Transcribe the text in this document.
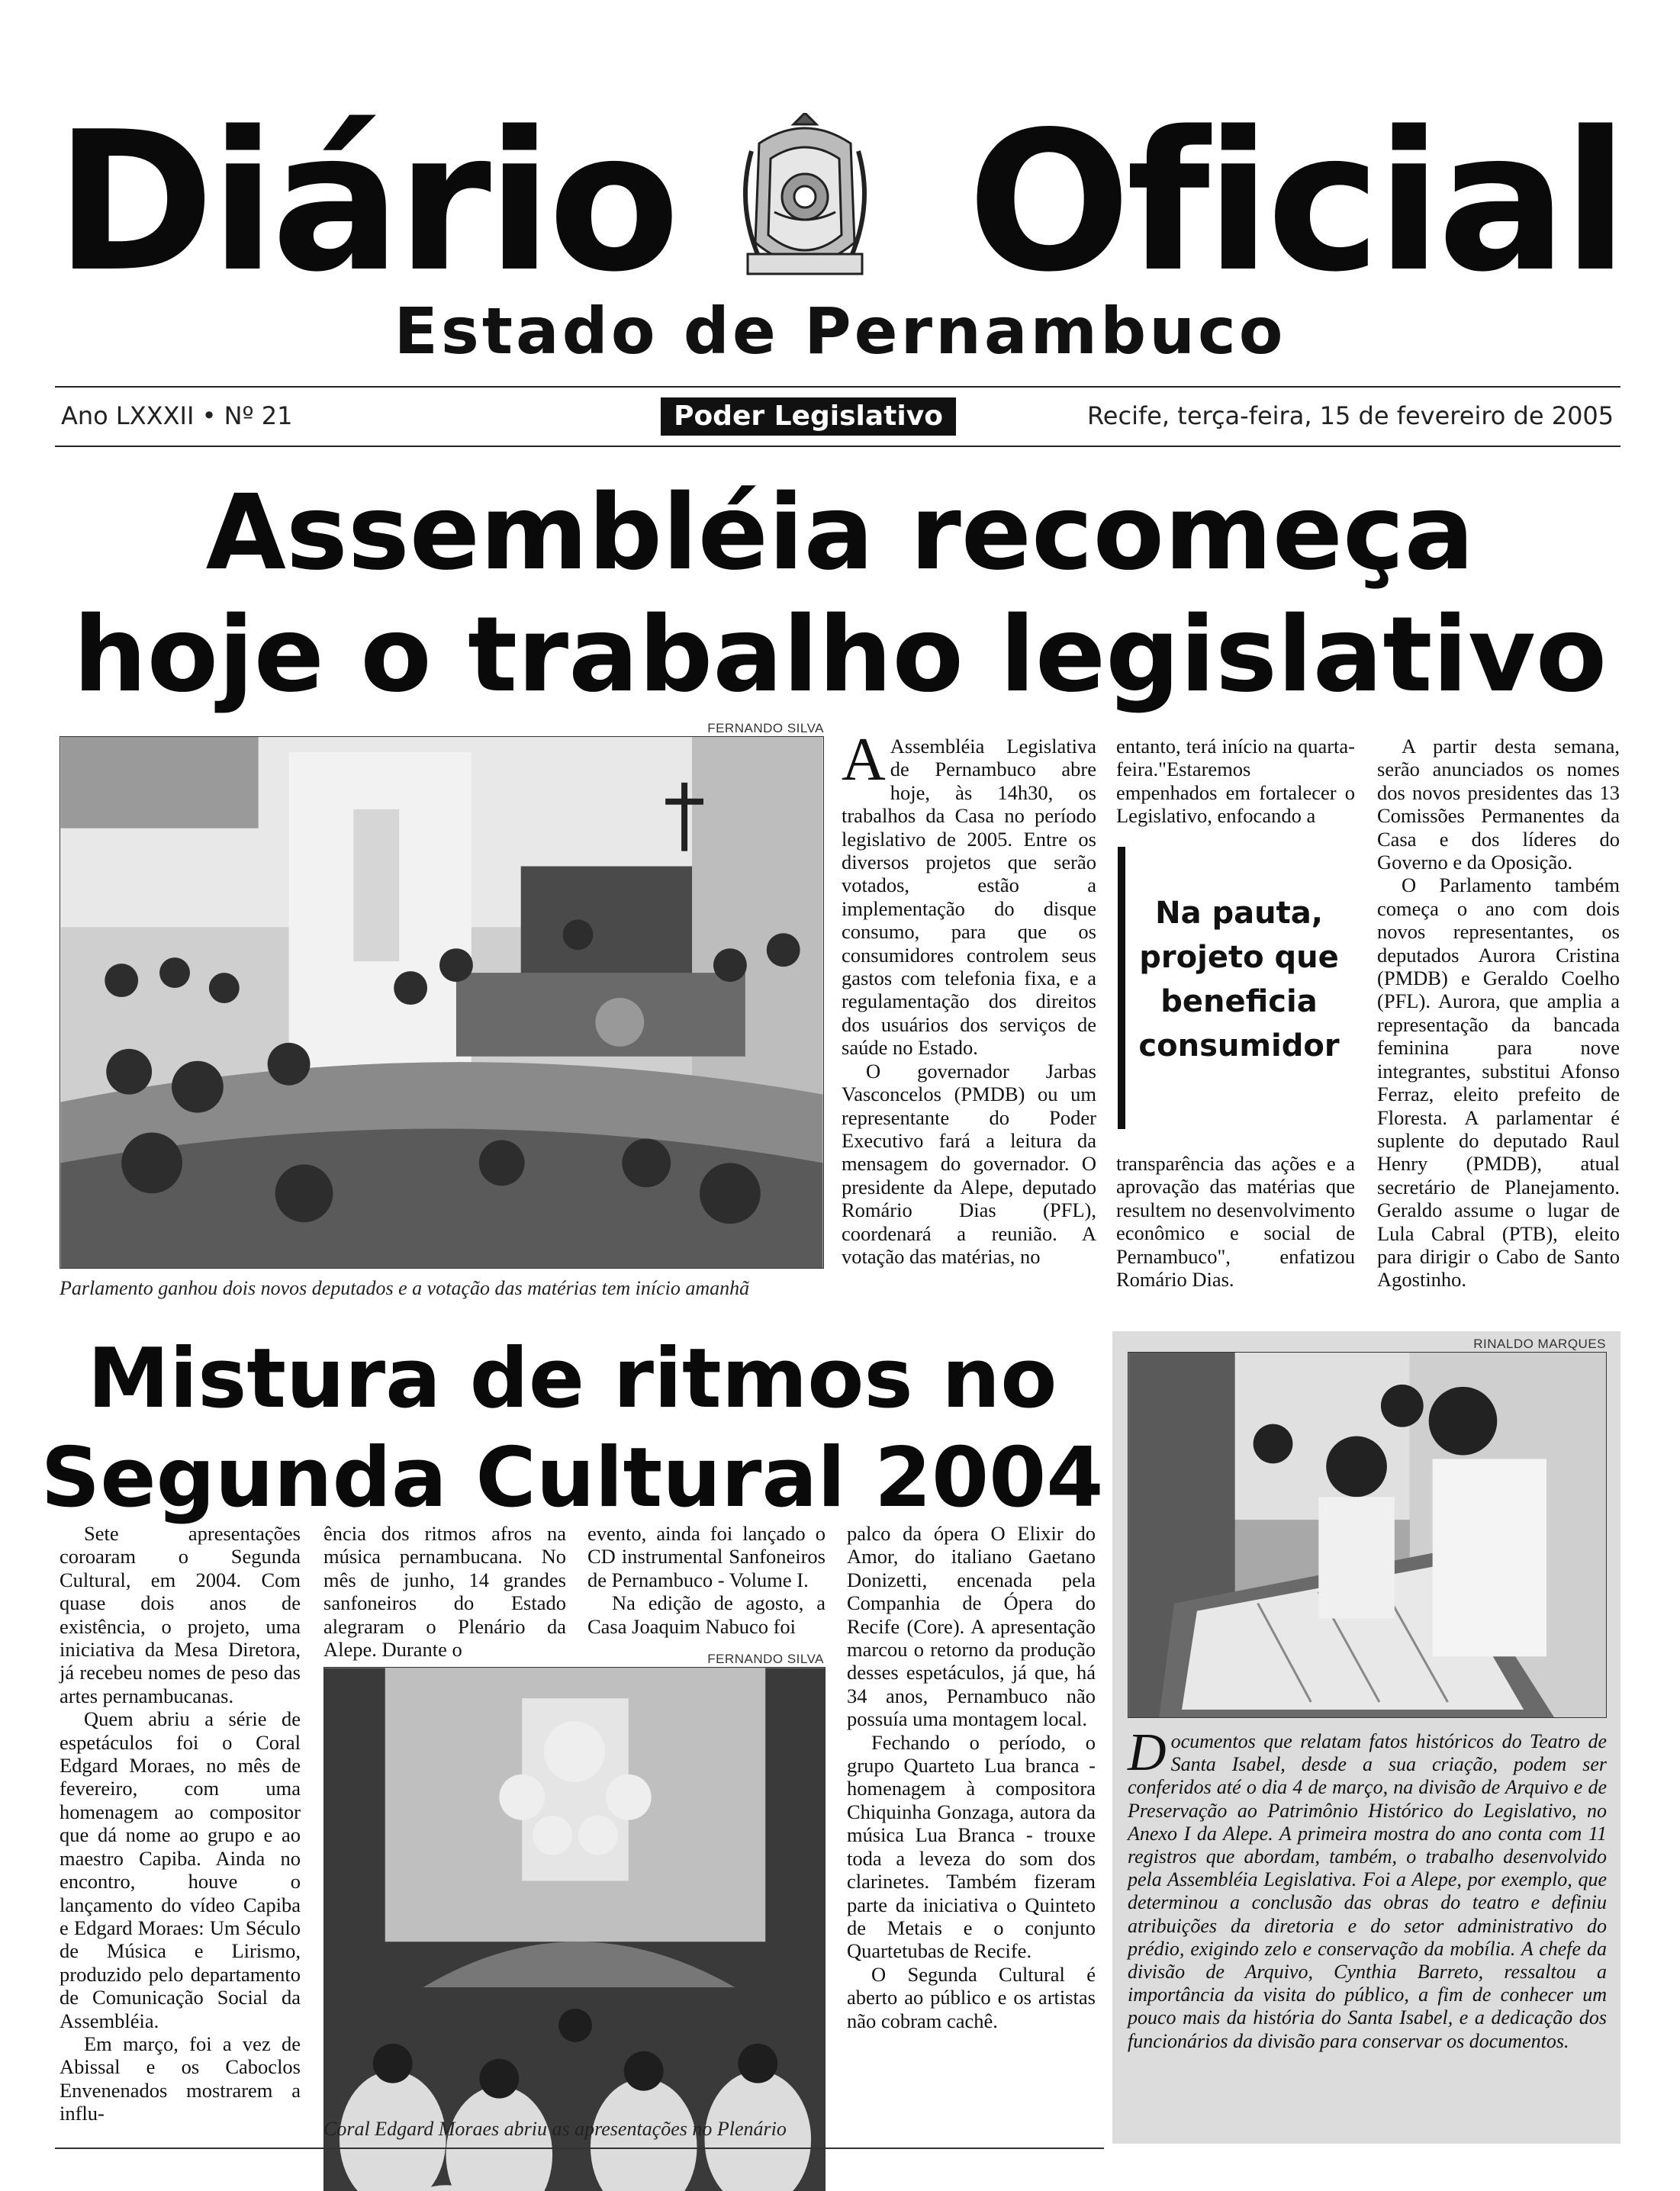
Diário Oficial
Estado de Pernambuco
Ano LXXXII • Nº 21	Poder Legislativo	Recife, terça-feira, 15 de fevereiro de 2005
Assembléia recomeça
hoje o trabalho legislativo
FERNANDO SILVA
Parlamento ganhou dois novos deputados e a votação das matérias tem início amanhã

A Assembléia Legislativa de Pernambuco abre hoje, às 14h30, os trabalhos da Casa no período legislativo de 2005. Entre os diversos projetos que serão votados, estão a implementação do disque consumo, para que os consumidores controlem seus gastos com telefonia fixa, e a regulamentação dos direitos dos usuários dos serviços de saúde no Estado.

O governador Jarbas Vasconcelos (PMDB) ou um representante do Poder Executivo fará a leitura da mensagem do governador. O presidente da Alepe, deputado Romário Dias (PFL), coordenará a reunião. A votação das matérias, no

entanto, terá início na quarta-feira."Estaremos empenhados em fortalecer o Legislativo, enfocando a

Na pauta, projeto que beneficia consumidor

transparência das ações e a aprovação das matérias que resultem no desenvolvimento econômico e social de Pernambuco", enfatizou Romário Dias.

A partir desta semana, serão anunciados os nomes dos novos presidentes das 13 Comissões Permanentes da Casa e dos líderes do Governo e da Oposição.

O Parlamento também começa o ano com dois novos representantes, os deputados Aurora Cristina (PMDB) e Geraldo Coelho (PFL). Aurora, que amplia a representação da bancada feminina para nove integrantes, substitui Afonso Ferraz, eleito prefeito de Floresta. A parlamentar é suplente do deputado Raul Henry (PMDB), atual secretário de Planejamento. Geraldo assume o lugar de Lula Cabral (PTB), eleito para dirigir o Cabo de Santo Agostinho.

Mistura de ritmos no
Segunda Cultural 2004

Sete apresentações coroaram o Segunda Cultural, em 2004. Com quase dois anos de existência, o projeto, uma iniciativa da Mesa Diretora, já recebeu nomes de peso das artes pernambucanas.

Quem abriu a série de espetáculos foi o Coral Edgard Moraes, no mês de fevereiro, com uma homenagem ao compositor que dá nome ao grupo e ao maestro Capiba. Ainda no encontro, houve o lançamento do vídeo Capiba e Edgard Moraes: Um Século de Música e Lirismo, produzido pelo departamento de Comunicação Social da Assembléia.

Em março, foi a vez de Abissal e os Caboclos Envenenados mostrarem a influ-

ência dos ritmos afros na música pernambucana. No mês de junho, 14 grandes sanfoneiros do Estado alegraram o Plenário da Alepe. Durante o

evento, ainda foi lançado o CD instrumental Sanfoneiros de Pernambuco - Volume I.

Na edição de agosto, a Casa Joaquim Nabuco foi

palco da ópera O Elixir do Amor, do italiano Gaetano Donizetti, encenada pela Companhia de Ópera do Recife (Core). A apresentação marcou o retorno da produção desses espetáculos, já que, há 34 anos, Pernambuco não possuía uma montagem local.

Fechando o período, o grupo Quarteto Lua branca - homenagem à compositora Chiquinha Gonzaga, autora da música Lua Branca - trouxe toda a leveza do som dos clarinetes. Também fizeram parte da iniciativa o Quinteto de Metais e o conjunto Quartetubas de Recife.

O Segunda Cultural é aberto ao público e os artistas não cobram cachê.

FERNANDO SILVA
Coral Edgard Moraes abriu as apresentações no Plenário
RINALDO MARQUES
Documentos que relatam fatos históricos do Teatro de Santa Isabel, desde a sua criação, podem ser conferidos até o dia 4 de março, na divisão de Arquivo e de Preservação ao Patrimônio Histórico do Legislativo, no Anexo I da Alepe. A primeira mostra do ano conta com 11 registros que abordam, também, o trabalho desenvolvido pela Assembléia Legislativa. Foi a Alepe, por exemplo, que determinou a conclusão das obras do teatro e definiu atribuições da diretoria e do setor administrativo do prédio, exigindo zelo e conservação da mobília. A chefe da divisão de Arquivo, Cynthia Barreto, ressaltou a importância da visita do público, a fim de conhecer um pouco mais da história do Santa Isabel, e a dedicação dos funcionários da divisão para conservar os documentos.
